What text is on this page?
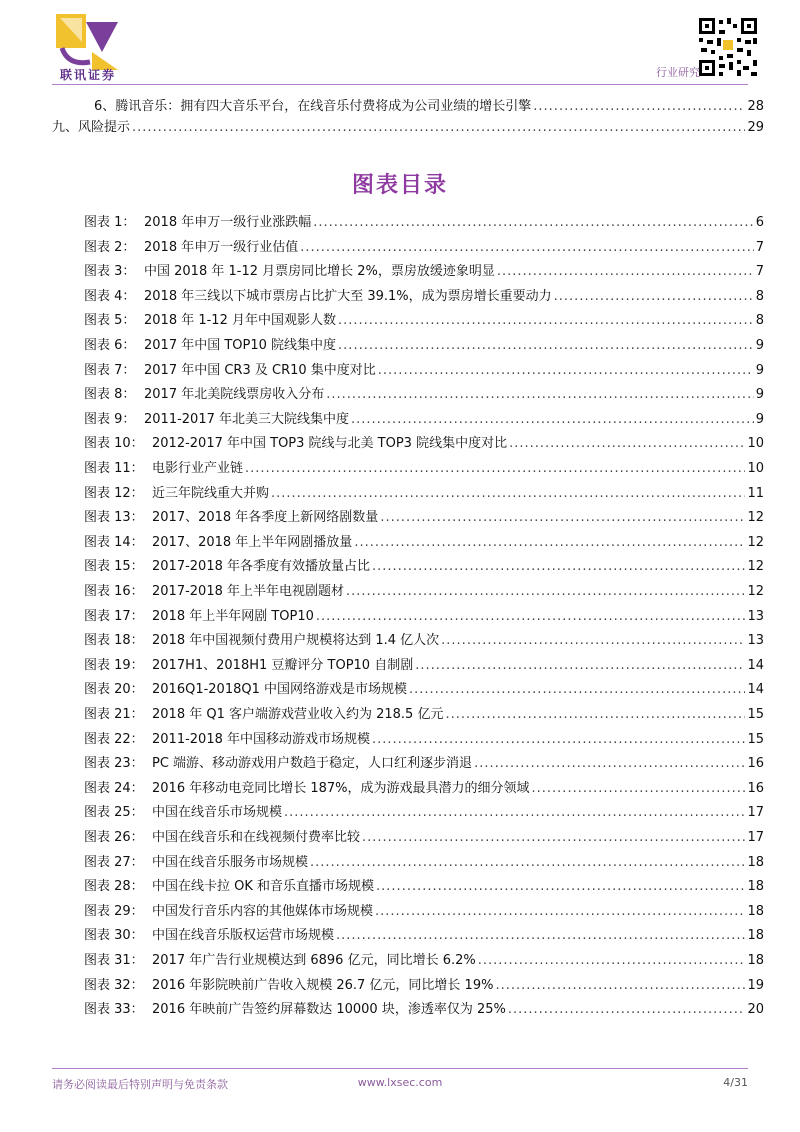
联讯证券	行业研究
6、腾讯音乐：拥有四大音乐平台，在线音乐付费将成为公司业绩的增长引擎 .....	28
九、风险提示 .....	29
图表目录
图表 1： 2018 年申万一级行业涨跌幅 .....	6
图表 2： 2018 年申万一级行业估值 .....	7
图表 3： 中国 2018 年 1-12 月票房同比增长 2%，票房放缓迹象明显 .....	7
图表 4： 2018 年三线以下城市票房占比扩大至 39.1%，成为票房增长重要动力 .....	8
图表 5： 2018 年 1-12 月年中国观影人数 .....	8
图表 6： 2017 年中国 TOP10 院线集中度 .....	9
图表 7： 2017 年中国 CR3 及 CR10 集中度对比 .....	9
图表 8： 2017 年北美院线票房收入分布 .....	9
图表 9： 2011-2017 年北美三大院线集中度 .....	9
图表 10： 2012-2017 年中国 TOP3 院线与北美 TOP3 院线集中度对比 .....	10
图表 11： 电影行业产业链 .....	10
图表 12： 近三年院线重大并购 .....	11
图表 13： 2017、2018 年各季度上新网络剧数量 .....	12
图表 14： 2017、2018 年上半年网剧播放量 .....	12
图表 15： 2017-2018 年各季度有效播放量占比 .....	12
图表 16： 2017-2018 年上半年电视剧题材 .....	12
图表 17： 2018 年上半年网剧 TOP10 .....	13
图表 18： 2018 年中国视频付费用户规模将达到 1.4 亿人次 .....	13
图表 19： 2017H1、2018H1 豆瓣评分 TOP10 自制剧 .....	14
图表 20： 2016Q1-2018Q1 中国网络游戏是市场规模 .....	14
图表 21： 2018 年 Q1 客户端游戏营业收入约为 218.5 亿元 .....	15
图表 22： 2011-2018 年中国移动游戏市场规模 .....	15
图表 23： PC 端游、移动游戏用户数趋于稳定，人口红利逐步消退 .....	16
图表 24： 2016 年移动电竞同比增长 187%，成为游戏最具潜力的细分领域 .....	16
图表 25： 中国在线音乐市场规模 .....	17
图表 26： 中国在线音乐和在线视频付费率比较 .....	17
图表 27： 中国在线音乐服务市场规模 .....	18
图表 28： 中国在线卡拉 OK 和音乐直播市场规模 .....	18
图表 29： 中国发行音乐内容的其他媒体市场规模 .....	18
图表 30： 中国在线音乐版权运营市场规模 .....	18
图表 31： 2017 年广告行业规模达到 6896 亿元，同比增长 6.2% .....	18
图表 32： 2016 年影院映前广告收入规模 26.7 亿元，同比增长 19% .....	19
图表 33： 2016 年映前广告签约屏幕数达 10000 块，渗透率仅为 25% .....	20
请务必阅读最后特别声明与免责条款	www.lxsec.com	4/31
